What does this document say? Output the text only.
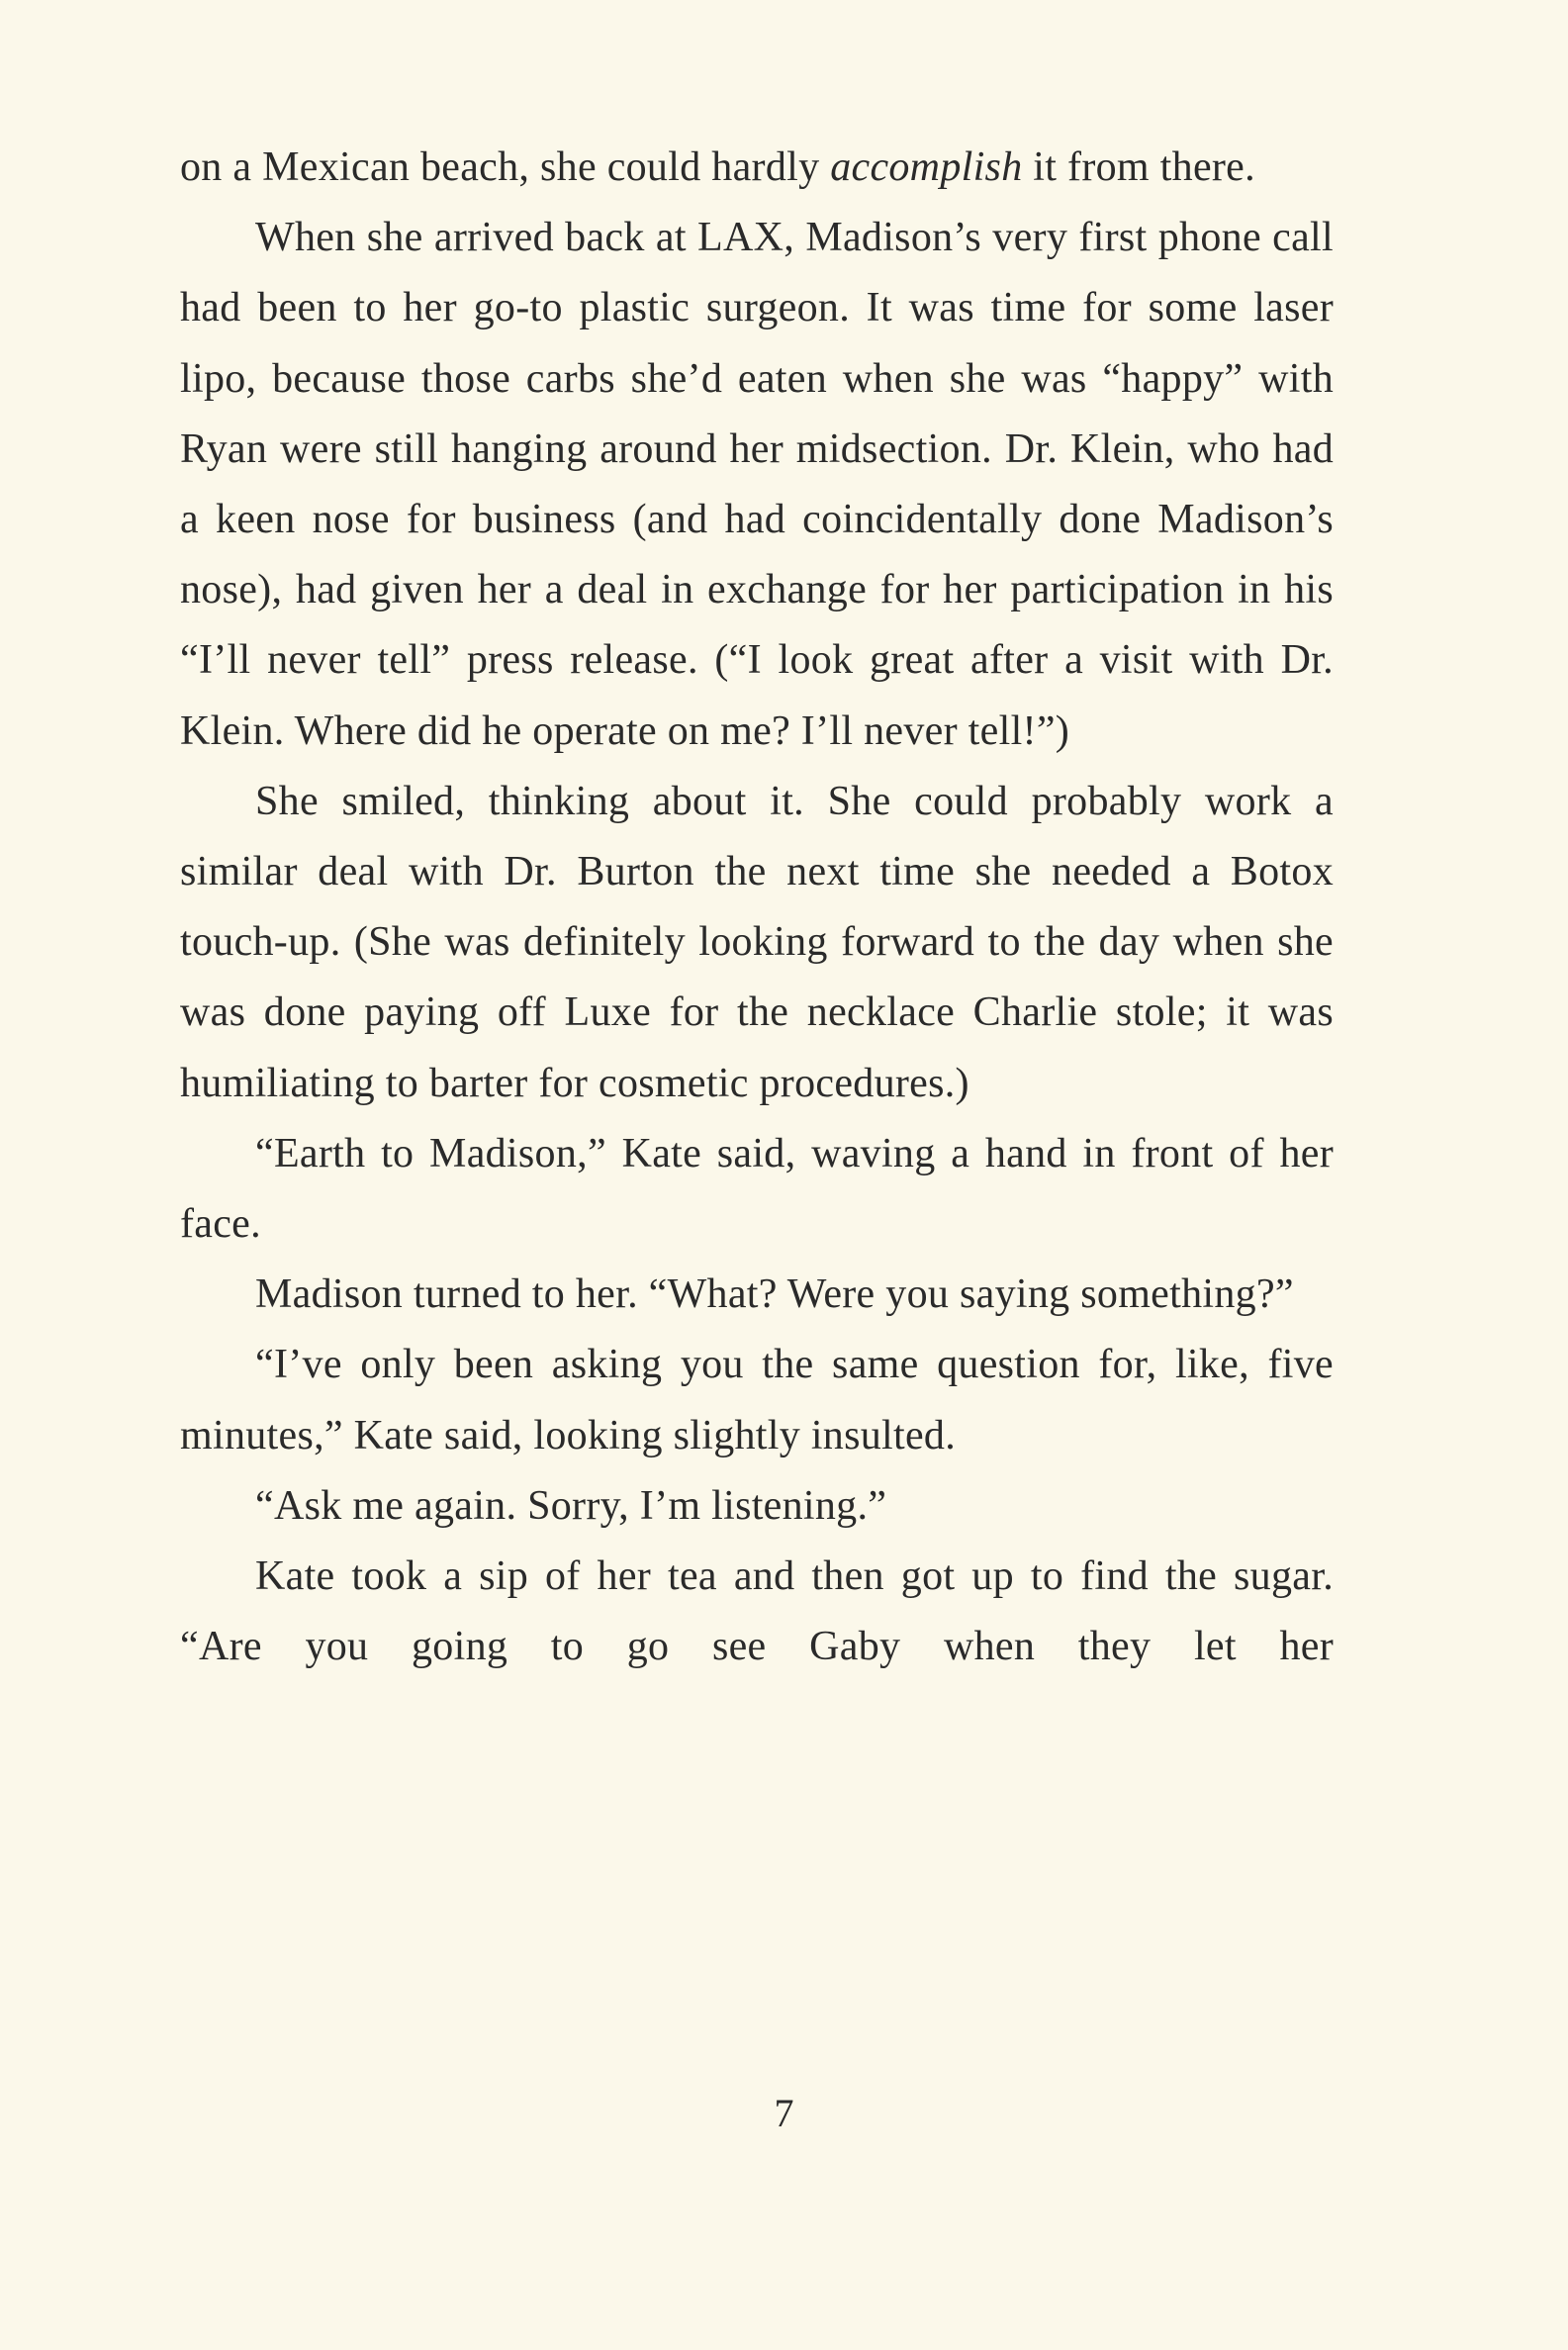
on a Mexican beach, she could hardly accomplish it from there.

When she arrived back at LAX, Madison’s very first phone call had been to her go-to plastic surgeon. It was time for some laser lipo, because those carbs she’d eaten when she was “happy” with Ryan were still hanging around her midsection. Dr. Klein, who had a keen nose for business (and had coincidentally done Madison’s nose), had given her a deal in exchange for her participation in his “I’ll never tell” press release. (“I look great after a visit with Dr. Klein. Where did he operate on me? I’ll never tell!”)

She smiled, thinking about it. She could probably work a similar deal with Dr. Burton the next time she needed a Botox touch-up. (She was definitely looking forward to the day when she was done paying off Luxe for the necklace Charlie stole; it was humiliating to barter for cosmetic procedures.)

“Earth to Madison,” Kate said, waving a hand in front of her face.

Madison turned to her. “What? Were you saying something?”

“I’ve only been asking you the same question for, like, five minutes,” Kate said, looking slightly insulted.

“Ask me again. Sorry, I’m listening.”

Kate took a sip of her tea and then got up to find the sugar. “Are you going to go see Gaby when they let her

7
